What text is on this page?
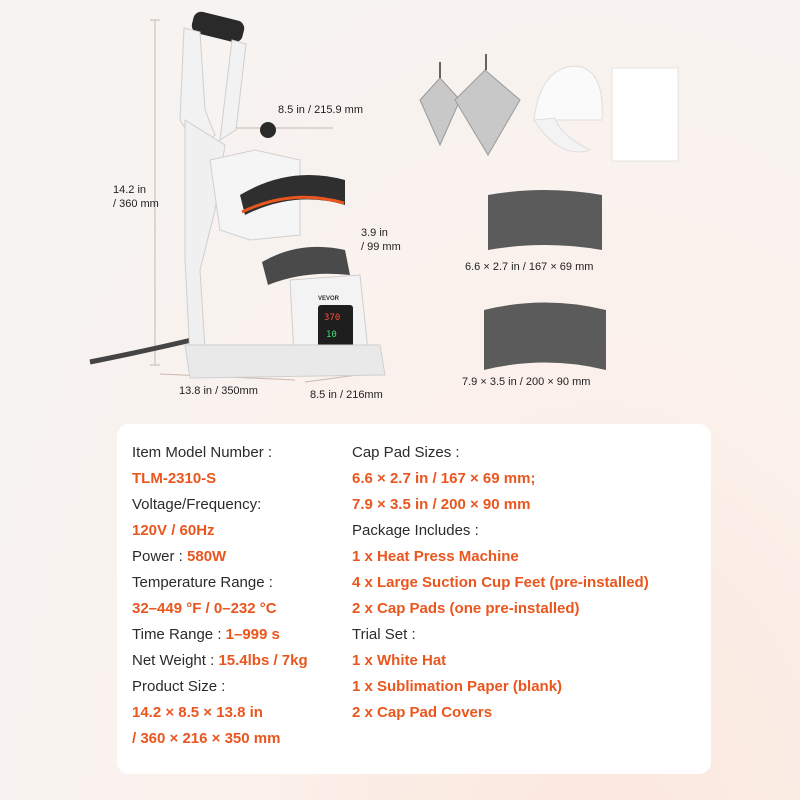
370
10
VEVOR
14.2 in
/ 360 mm
8.5 in / 215.9 mm
3.9 in
/ 99 mm
13.8 in / 350mm	8.5 in / 216mm
6.6 × 2.7 in / 167 × 69 mm
7.9 × 3.5 in / 200 × 90 mm
Item Model Number :
TLM-2310-S
Voltage/Frequency:
120V / 60Hz
Power : 580W
Temperature Range :
32–449 °F / 0–232 °C
Time Range : 1–999 s
Net Weight : 15.4lbs / 7kg
Product Size :
14.2 × 8.5 × 13.8 in
/ 360 × 216 × 350 mm
Cap Pad Sizes :
6.6 × 2.7 in / 167 × 69 mm;
7.9 × 3.5 in / 200 × 90 mm
Package Includes :
1 x Heat Press Machine
4 x Large Suction Cup Feet (pre-installed)
2 x Cap Pads (one pre-installed)
Trial Set :
1 x White Hat
1 x Sublimation Paper (blank)
2 x Cap Pad Covers
